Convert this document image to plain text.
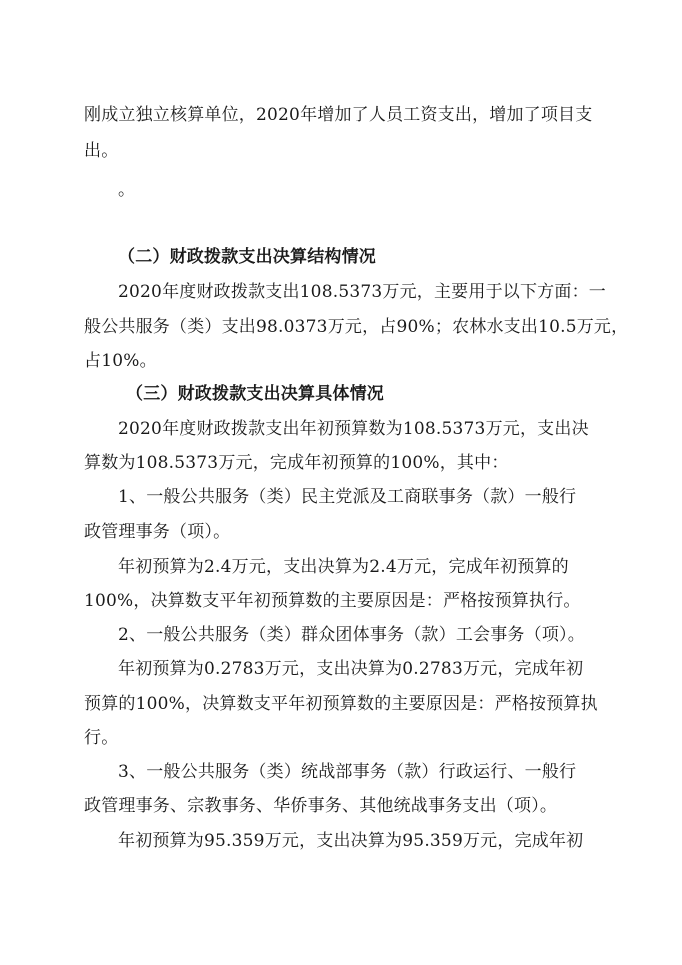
刚成立独立核算单位，2020年增加了人员工资支出，增加了项目支
出。
。
（二）财政拨款支出决算结构情况
2020年度财政拨款支出108.5373万元，主要用于以下方面：一
般公共服务（类）支出98.0373万元，占90%；农林水支出10.5万元，
占10%。
（三）财政拨款支出决算具体情况
2020年度财政拨款支出年初预算数为108.5373万元，支出决
算数为108.5373万元，完成年初预算的100%，其中：
1、一般公共服务（类）民主党派及工商联事务（款）一般行
政管理事务（项）。
年初预算为2.4万元，支出决算为2.4万元，完成年初预算的
100%，决算数支平年初预算数的主要原因是：严格按预算执行。
2、一般公共服务（类）群众团体事务（款）工会事务（项）。
年初预算为0.2783万元，支出决算为0.2783万元，完成年初
预算的100%，决算数支平年初预算数的主要原因是：严格按预算执
行。
3、一般公共服务（类）统战部事务（款）行政运行、一般行
政管理事务、宗教事务、华侨事务、其他统战事务支出（项）。
年初预算为95.359万元，支出决算为95.359万元，完成年初
